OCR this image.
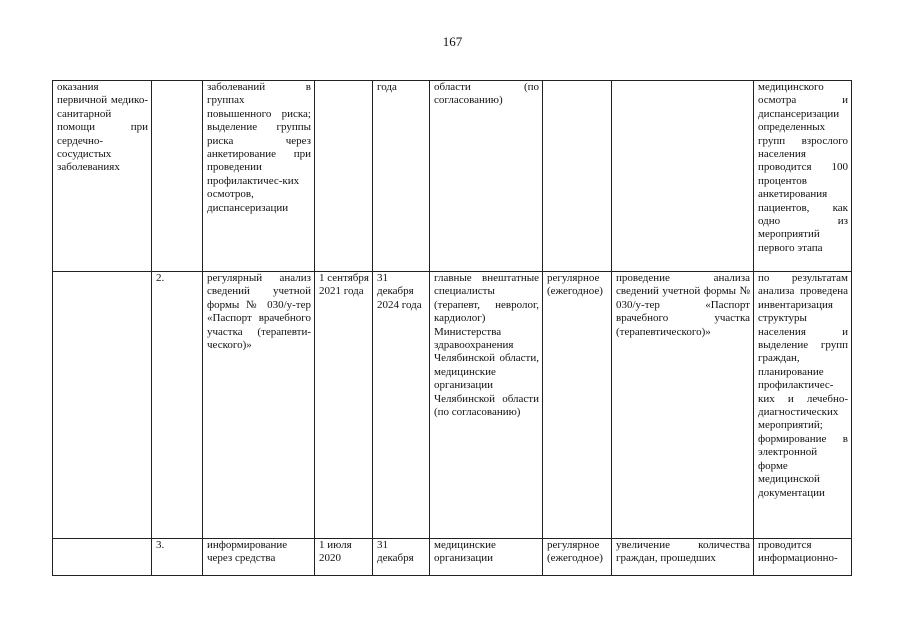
167
оказания первичной медико-санитарной помощи при сердечно-сосудистых заболеваниях		заболеваний в группах повышенного риска; выделение группы риска через анкетирование при проведении профилактичес-ких осмотров, диспансеризации		года	области (по согласованию)			медицинского осмотра и диспансеризации определенных групп взрослого населения проводится 100 процентов анкетирования пациентов, как одно из мероприятий первого этапа
	2.	регулярный анализ сведений учетной формы № 030/у-тер «Паспорт врачебного участка (терапевти-ческого)»	1 сентября 2021 года	31 декабря 2024 года	главные внештатные специалисты (терапевт, невролог, кардиолог) Министерства здравоохранения Челябинской области, медицинские организации Челябинской области (по согласованию)	регулярное (ежегодное)	проведение анализа сведений учетной формы № 030/у-тер «Паспорт врачебного участка (терапевтического)»	по результатам анализа проведена инвентаризация структуры населения и выделение групп граждан, планирование профилактичес-ких и лечебно-диагностических мероприятий; формирование в электронной форме медицинской документации
	3.	информирование через средства	1 июля 2020	31 декабря	медицинские организации	регулярное (ежегодное)	увеличение количества граждан, прошедших	проводится информационно-
